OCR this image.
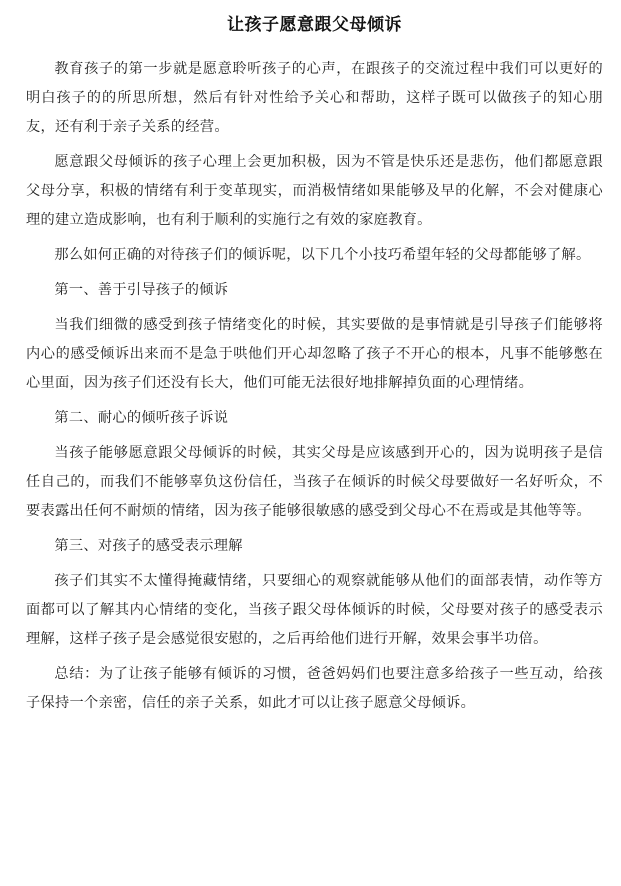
让孩子愿意跟父母倾诉

教育孩子的第一步就是愿意聆听孩子的心声，在跟孩子的交流过程中我们可以更好的明白孩子的的所思所想，然后有针对性给予关心和帮助，这样子既可以做孩子的知心朋友，还有利于亲子关系的经营。

愿意跟父母倾诉的孩子心理上会更加积极，因为不管是快乐还是悲伤，他们都愿意跟父母分享，积极的情绪有利于变革现实，而消极情绪如果能够及早的化解，不会对健康心理的建立造成影响，也有利于顺利的实施行之有效的家庭教育。

那么如何正确的对待孩子们的倾诉呢，以下几个小技巧希望年轻的父母都能够了解。

第一、善于引导孩子的倾诉

当我们细微的感受到孩子情绪变化的时候，其实要做的是事情就是引导孩子们能够将内心的感受倾诉出来而不是急于哄他们开心却忽略了孩子不开心的根本，凡事不能够憋在心里面，因为孩子们还没有长大，他们可能无法很好地排解掉负面的心理情绪。

第二、耐心的倾听孩子诉说

当孩子能够愿意跟父母倾诉的时候，其实父母是应该感到开心的，因为说明孩子是信任自己的，而我们不能够辜负这份信任，当孩子在倾诉的时候父母要做好一名好听众，不要表露出任何不耐烦的情绪，因为孩子能够很敏感的感受到父母心不在焉或是其他等等。

第三、对孩子的感受表示理解

孩子们其实不太懂得掩藏情绪，只要细心的观察就能够从他们的面部表情，动作等方面都可以了解其内心情绪的变化，当孩子跟父母体倾诉的时候，父母要对孩子的感受表示理解，这样子孩子是会感觉很安慰的，之后再给他们进行开解，效果会事半功倍。

总结：为了让孩子能够有倾诉的习惯，爸爸妈妈们也要注意多给孩子一些互动，给孩子保持一个亲密，信任的亲子关系，如此才可以让孩子愿意父母倾诉。
